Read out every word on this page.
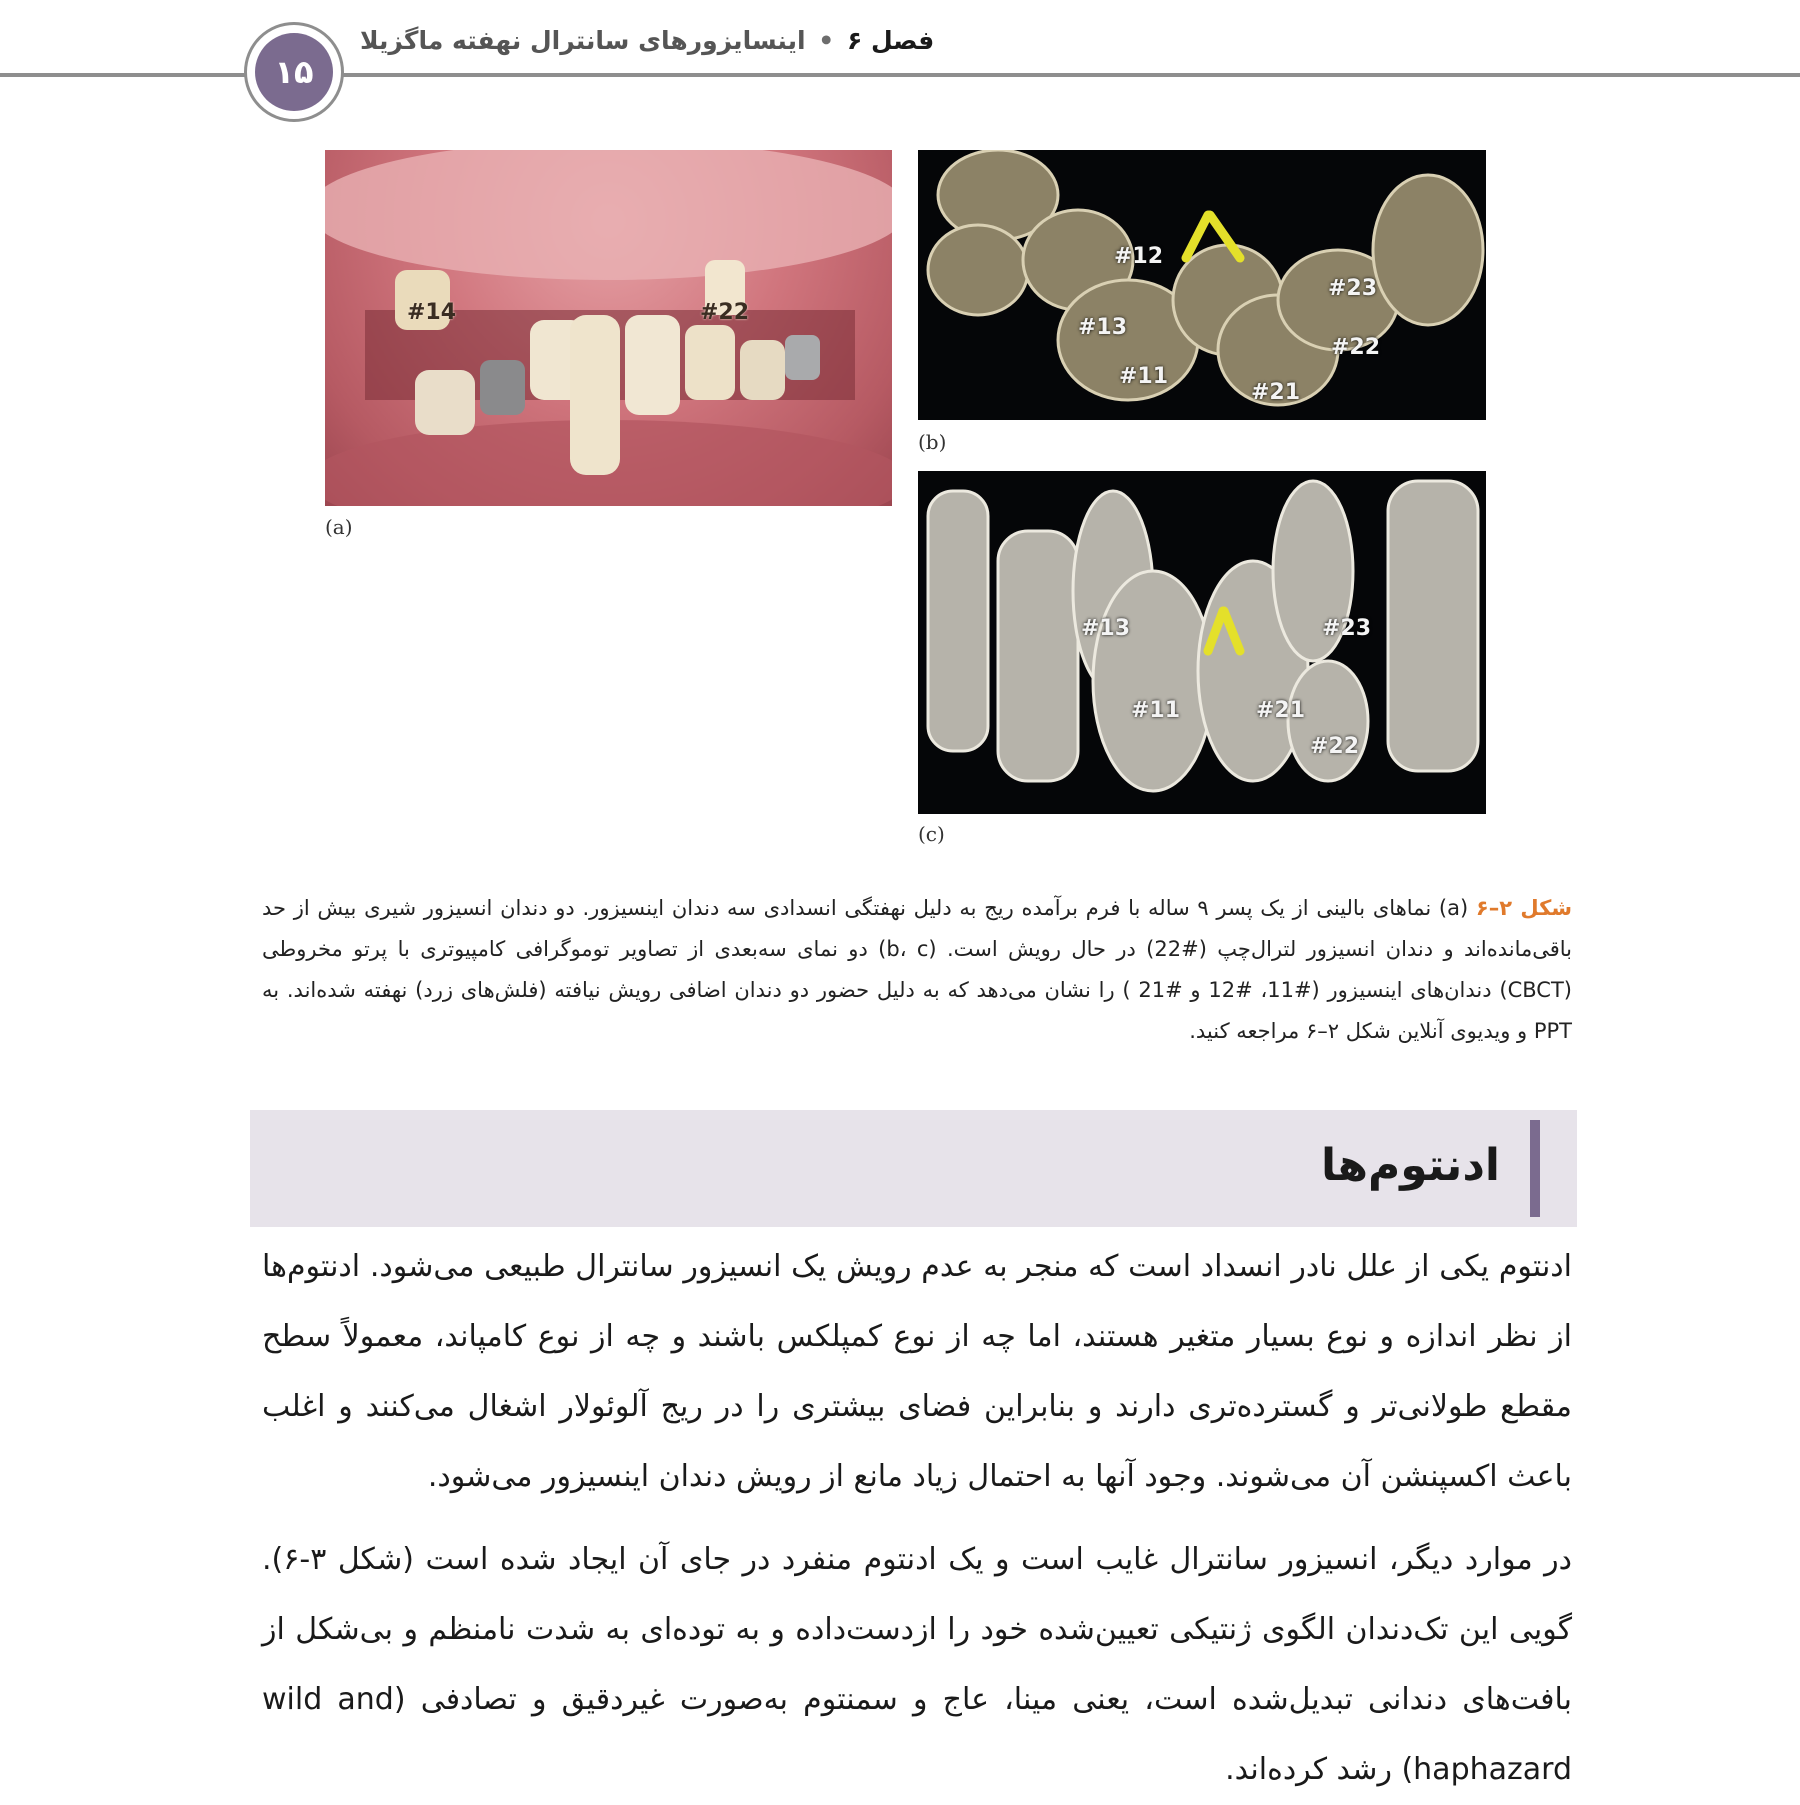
۱۵
فصل ۶ • اینسایزورهای سانترال نهفته ماگزیلا
#14	#22
(a)
#12
#23
#13
#22
#11
#21
(b)
#13	#23
#11	#21
#22
(c)
شکل ۲–۶ (a) نماهای بالینی از یک پسر ۹ ساله با فرم برآمده ریج به دلیل نهفتگی انسدادی سه دندان اینسیزور. دو دندان انسیزور شیری بیش از حد باقی‌مانده‌اند و دندان انسیزور لترال‌چپ (#22) در حال رویش است. (b، c) دو نمای سه‌بعدی از تصاویر توموگرافی کامپیوتری با پرتو مخروطی (CBCT) دندان‌های اینسیزور (#11، #12 و #21 ) را نشان می‌دهد که به دلیل حضور دو دندان اضافی رویش نیافته (فلش‌های زرد) نهفته شده‌اند. به PPT و ویدیوی آنلاین شکل ۲–۶ مراجعه کنید.
ادنتوم‌ها
ادنتوم یکی از علل نادر انسداد است که منجر به عدم رویش یک انسیزور سانترال طبیعی می‌شود. ادنتوم‌ها از نظر اندازه و نوع بسیار متغیر هستند، اما چه از نوع کمپلکس باشند و چه از نوع کامپاند، معمولاً سطح مقطع طولانی‌تر و گسترده‌تری دارند و بنابراین فضای بیشتری را در ریج آلوئولار اشغال می‌کنند و اغلب باعث اکسپنشن آن می‌شوند. وجود آنها به احتمال زیاد مانع از رویش دندان اینسیزور می‌شود.
در موارد دیگر، انسیزور سانترال غایب است و یک ادنتوم منفرد در جای آن ایجاد شده است (شکل ۳-۶). گویی این تک‌دندان الگوی ژنتیکی تعیین‌شده خود را ازدست‌داده و به توده‌ای به شدت نامنظم و بی‌شکل از بافت‌های دندانی تبدیل‌شده است، یعنی مینا، عاج و سمنتوم به‌صورت غیردقیق و تصادفی (wild and haphazard) رشد کرده‌اند.
